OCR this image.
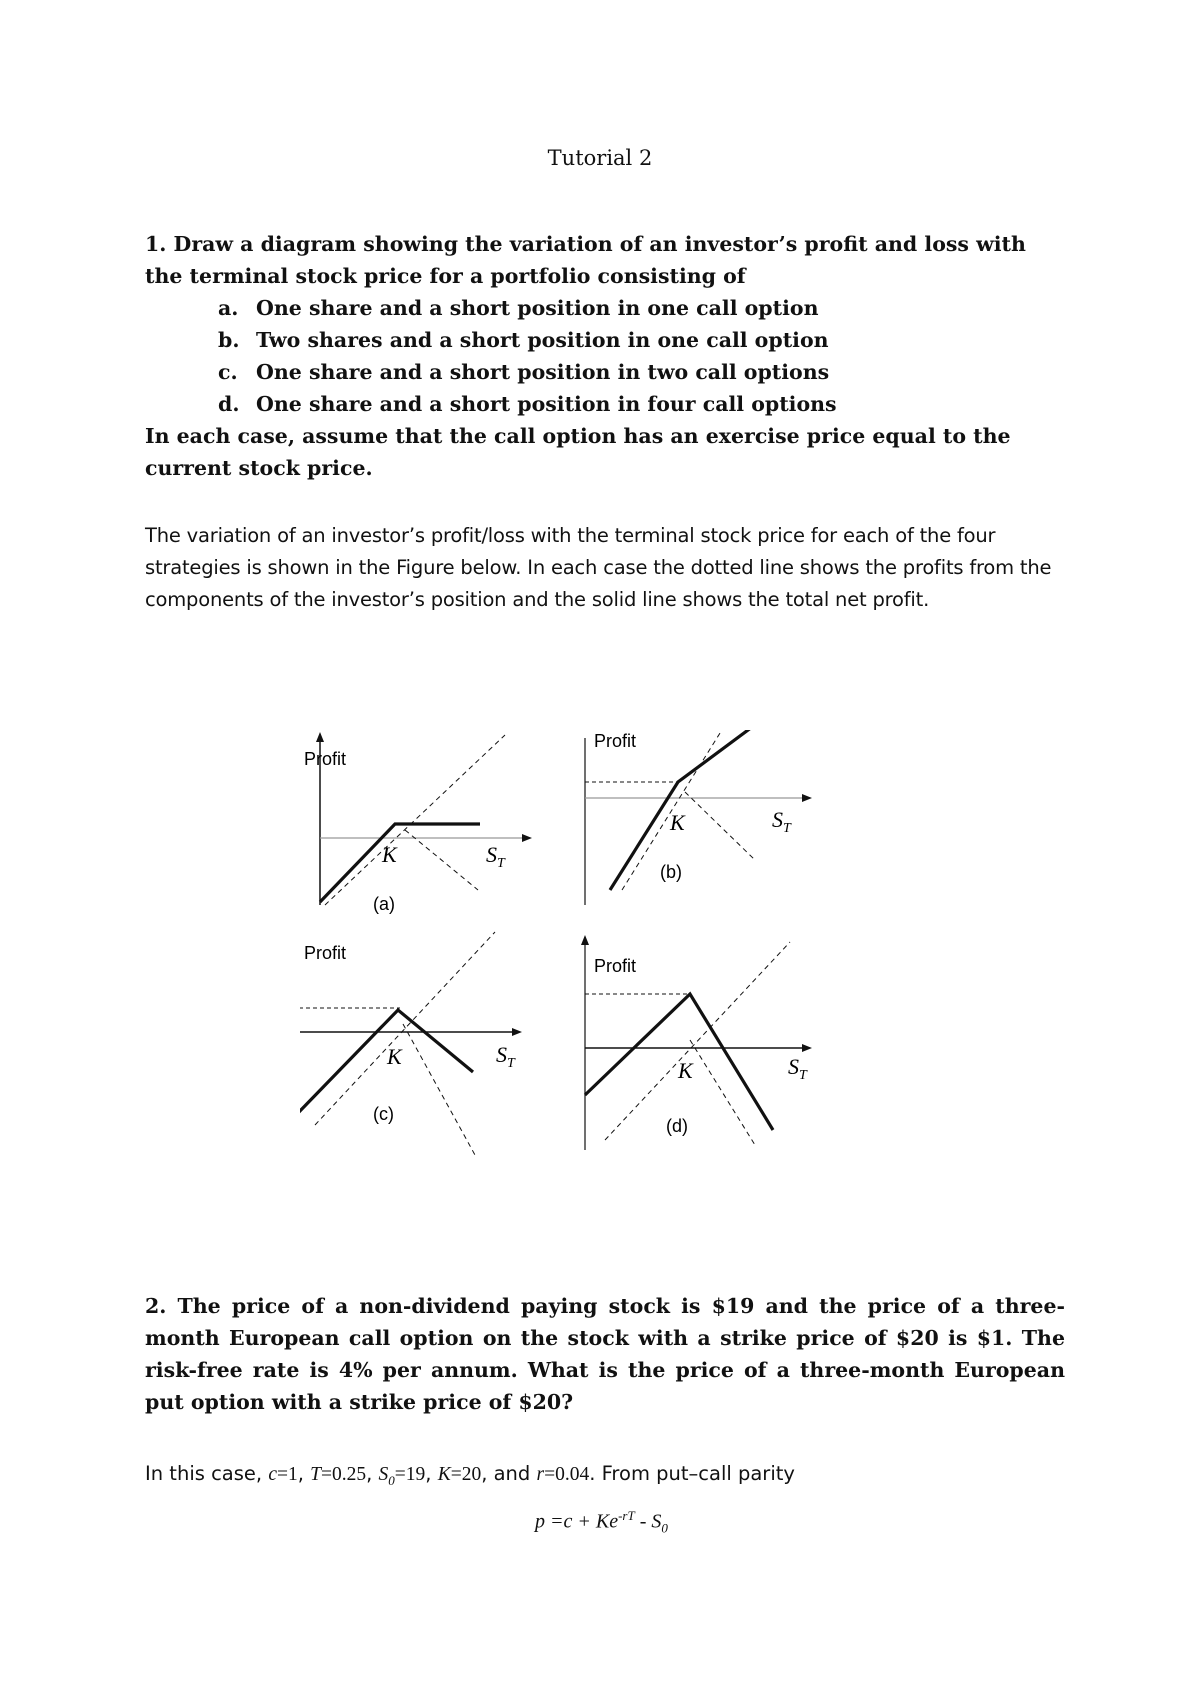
Tutorial 2
1. Draw a diagram showing the variation of an investor’s profit and loss with the terminal stock price for a portfolio consisting of
a. One share and a short position in one call option
b. Two shares and a short position in one call option
c. One share and a short position in two call options
d. One share and a short position in four call options
In each case, assume that the call option has an exercise price equal to the current stock price.
The variation of an investor’s profit/loss with the terminal stock price for each of the four strategies is shown in the Figure below. In each case the dotted line shows the profits from the components of the investor’s position and the solid line shows the total net profit.
Profit
K	$S_T$
(a)
Profit
K	$S_T$
(b)
Profit
K	$S_T$
(c)
Profit
K	$S_T$
(d)

2. The price of a non-dividend paying stock is $19 and the price of a three-month European call option on the stock with a strike price of $20 is $1. The risk-free rate is 4% per annum. What is the price of a three-month European put option with a strike price of $20?

In this case, c=1, T=0.25, $S_0=19$, K=20, and r=0.04. From put–call parity
$p =c + Ke^{-rT} - S_0$
